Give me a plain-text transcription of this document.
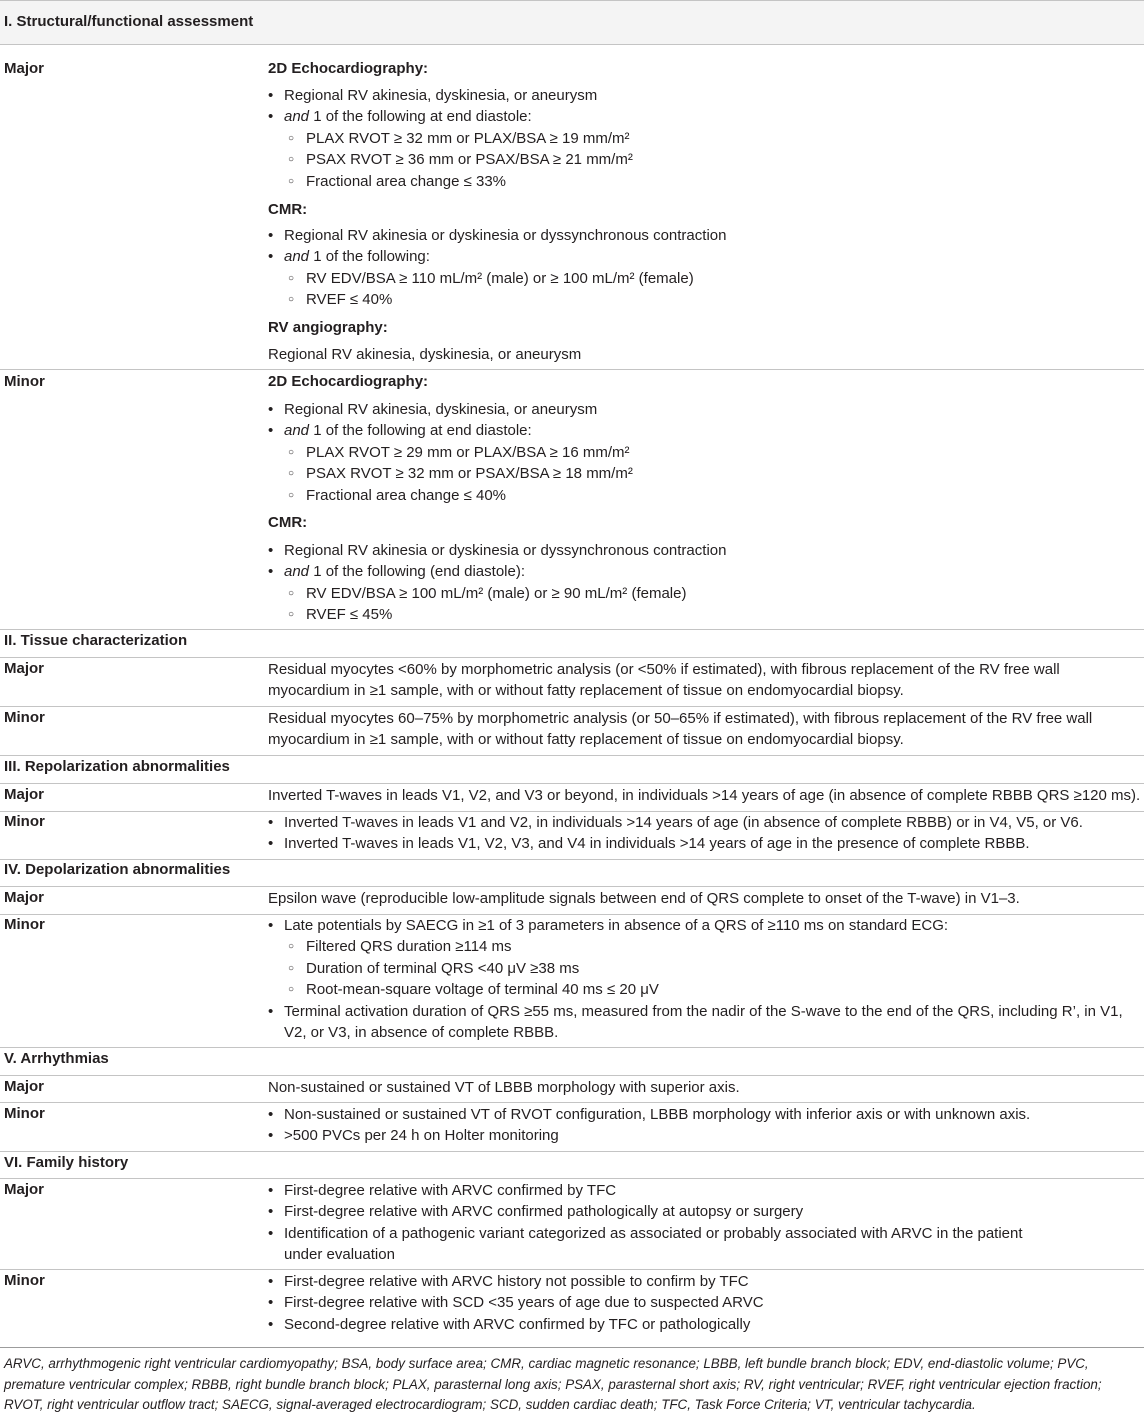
I. Structural/functional assessment
Major	2D Echocardiography:
• Regional RV akinesia, dyskinesia, or aneurysm
• and 1 of the following at end diastole:
○ PLAX RVOT ≥ 32 mm or PLAX/BSA ≥ 19 mm/m²
○ PSAX RVOT ≥ 36 mm or PSAX/BSA ≥ 21 mm/m²
○ Fractional area change ≤ 33%
CMR:
• Regional RV akinesia or dyskinesia or dyssynchronous contraction
• and 1 of the following:
○ RV EDV/BSA ≥ 110 mL/m² (male) or ≥ 100 mL/m² (female)
○ RVEF ≤ 40%
RV angiography:
Regional RV akinesia, dyskinesia, or aneurysm
Minor	2D Echocardiography:
• Regional RV akinesia, dyskinesia, or aneurysm
• and 1 of the following at end diastole:
○ PLAX RVOT ≥ 29 mm or PLAX/BSA ≥ 16 mm/m²
○ PSAX RVOT ≥ 32 mm or PSAX/BSA ≥ 18 mm/m²
○ Fractional area change ≤ 40%
CMR:
• Regional RV akinesia or dyskinesia or dyssynchronous contraction
• and 1 of the following (end diastole):
○ RV EDV/BSA ≥ 100 mL/m² (male) or ≥ 90 mL/m² (female)
○ RVEF ≤ 45%
II. Tissue characterization
Major	Residual myocytes <60% by morphometric analysis (or <50% if estimated), with fibrous replacement of the RV free wall myocardium in ≥1 sample, with or without fatty replacement of tissue on endomyocardial biopsy.
Minor	Residual myocytes 60–75% by morphometric analysis (or 50–65% if estimated), with fibrous replacement of the RV free wall myocardium in ≥1 sample, with or without fatty replacement of tissue on endomyocardial biopsy.
III. Repolarization abnormalities
Major	Inverted T-waves in leads V1, V2, and V3 or beyond, in individuals >14 years of age (in absence of complete RBBB QRS ≥120 ms).
Minor	• Inverted T-waves in leads V1 and V2, in individuals >14 years of age (in absence of complete RBBB) or in V4, V5, or V6.
• Inverted T-waves in leads V1, V2, V3, and V4 in individuals >14 years of age in the presence of complete RBBB.
IV. Depolarization abnormalities
Major	Epsilon wave (reproducible low-amplitude signals between end of QRS complete to onset of the T-wave) in V1–3.
Minor	• Late potentials by SAECG in ≥1 of 3 parameters in absence of a QRS of ≥110 ms on standard ECG:
○ Filtered QRS duration ≥114 ms
○ Duration of terminal QRS <40 μV ≥38 ms
○ Root-mean-square voltage of terminal 40 ms ≤ 20 μV
• Terminal activation duration of QRS ≥55 ms, measured from the nadir of the S-wave to the end of the QRS, including R’, in V1, V2, or V3, in absence of complete RBBB.
V. Arrhythmias
Major	Non-sustained or sustained VT of LBBB morphology with superior axis.
Minor	• Non-sustained or sustained VT of RVOT configuration, LBBB morphology with inferior axis or with unknown axis.
• >500 PVCs per 24 h on Holter monitoring
VI. Family history
Major	• First-degree relative with ARVC confirmed by TFC
• First-degree relative with ARVC confirmed pathologically at autopsy or surgery
• Identification of a pathogenic variant categorized as associated or probably associated with ARVC in the patient under evaluation
Minor	• First-degree relative with ARVC history not possible to confirm by TFC
• First-degree relative with SCD <35 years of age due to suspected ARVC
• Second-degree relative with ARVC confirmed by TFC or pathologically
ARVC, arrhythmogenic right ventricular cardiomyopathy; BSA, body surface area; CMR, cardiac magnetic resonance; LBBB, left bundle branch block; EDV, end-diastolic volume; PVC, premature ventricular complex; RBBB, right bundle branch block; PLAX, parasternal long axis; PSAX, parasternal short axis; RV, right ventricular; RVEF, right ventricular ejection fraction; RVOT, right ventricular outflow tract; SAECG, signal-averaged electrocardiogram; SCD, sudden cardiac death; TFC, Task Force Criteria; VT, ventricular tachycardia.
